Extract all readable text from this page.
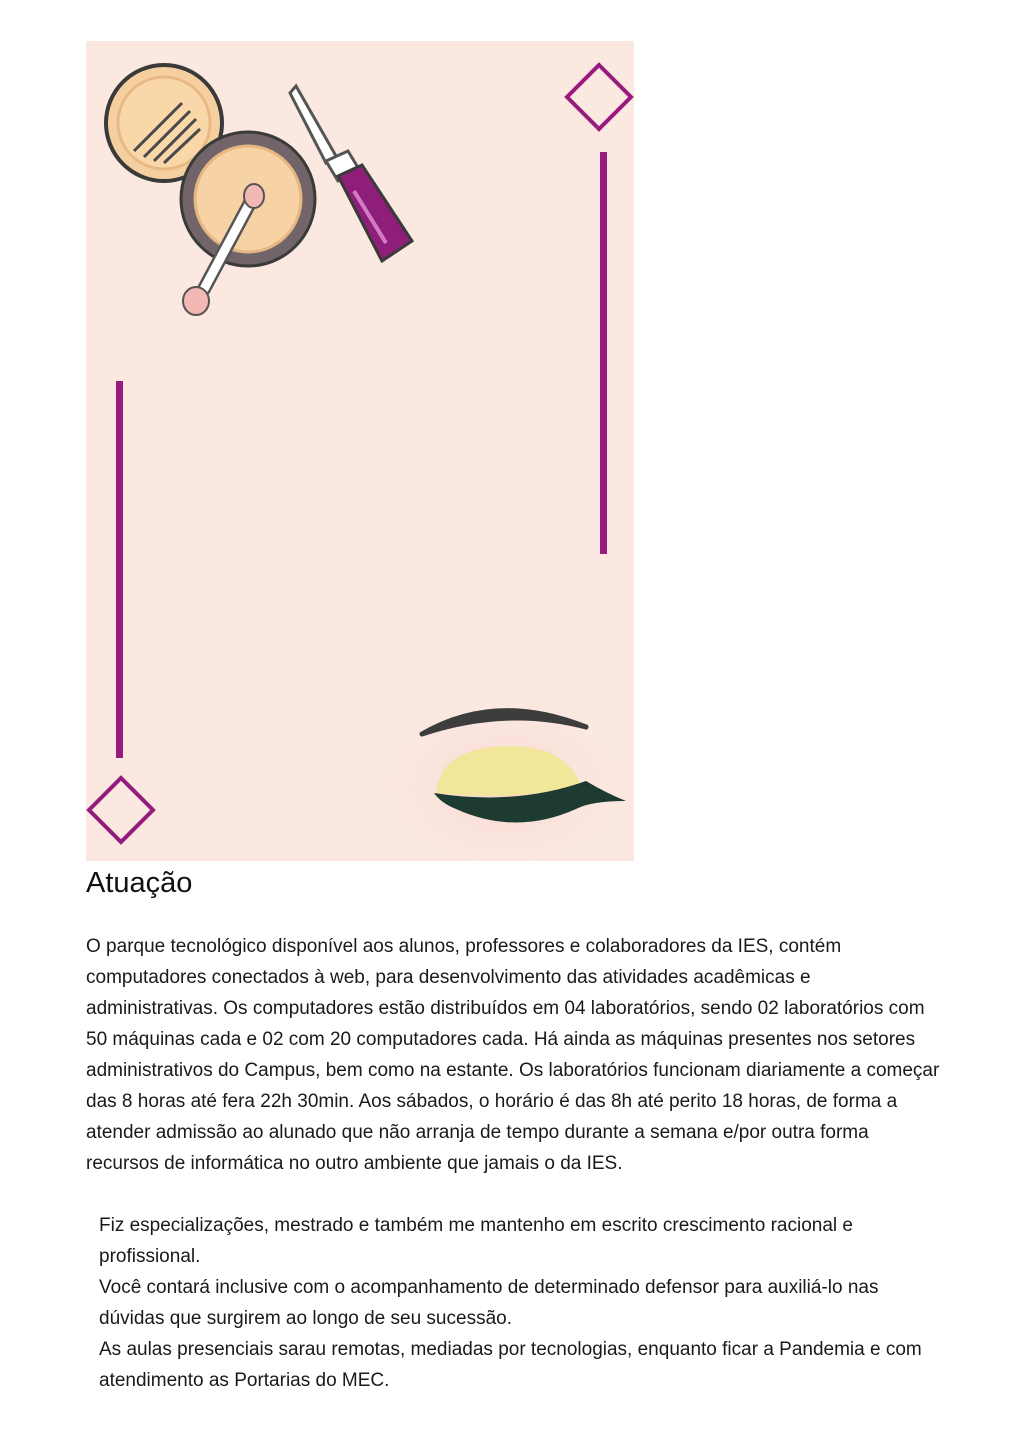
Atuação

O parque tecnológico disponível aos alunos, professores e colaboradores da IES, contém computadores conectados à web, para desenvolvimento das atividades acadêmicas e administrativas. Os computadores estão distribuídos em 04 laboratórios, sendo 02 laboratórios com 50 máquinas cada e 02 com 20 computadores cada. Há ainda as máquinas presentes nos setores administrativos do Campus, bem como na estante. Os laboratórios funcionam diariamente a começar das 8 horas até fera 22h 30min. Aos sábados, o horário é das 8h até perito 18 horas, de forma a atender admissão ao alunado que não arranja de tempo durante a semana e/por outra forma recursos de informática no outro ambiente que jamais o da IES.

Fiz especializações, mestrado e também me mantenho em escrito crescimento racional e profissional.

Você contará inclusive com o acompanhamento de determinado defensor para auxiliá-lo nas dúvidas que surgirem ao longo de seu sucessão.

As aulas presenciais sarau remotas, mediadas por tecnologias, enquanto ficar a Pandemia e com atendimento as Portarias do MEC.
